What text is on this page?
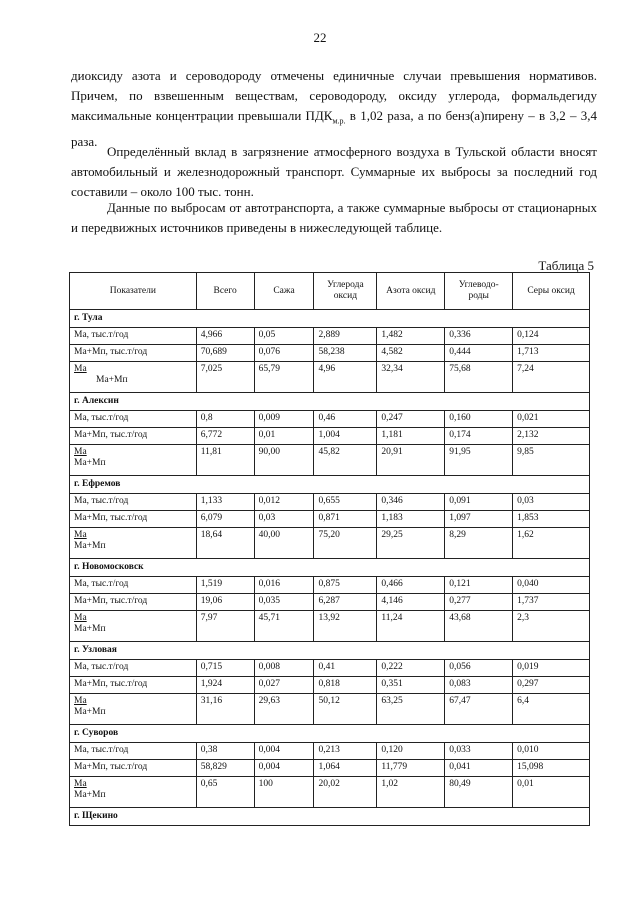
22
диоксиду азота и сероводороду отмечены единичные случаи превышения нормативов. Причем, по взвешенным веществам, сероводороду, оксиду углерода, формальдегиду максимальные концентрации превышали $ПДК_{м.р.}$ в 1,02 раза, а по бенз(а)пирену – в 3,2 – 3,4 раза.
Определённый вклад в загрязнение атмосферного воздуха в Тульской области вносят автомобильный и железнодорожный транспорт. Суммарные их выбросы за последний год составили – около 100 тыс. тонн.
Данные по выбросам от автотранспорта, а также суммарные выбросы от стационарных и передвижных источников приведены в нижеследующей таблице.
Таблица 5
Показатели	Всего	Сажа	Углерода оксид	Азота оксид	Углеводо-роды	Серы оксид
г. Тула						
Ма, тыс.т/год	4,966	0,05	2,889	1,482	0,336	0,124
Ма+Мп, тыс.т/год	70,689	0,076	58,238	4,582	0,444	1,713

Ма
Ма+Мп	7,025	65,79	4,96	32,34	75,68	7,24
г. Алексин						
Ма, тыс.т/год	0,8	0,009	0,46	0,247	0,160	0,021
Ма+Мп, тыс.т/год	6,772	0,01	1,004	1,181	0,174	2,132

Ма
Ма+Мп	11,81	90,00	45,82	20,91	91,95	9,85
г. Ефремов						
Ма, тыс.т/год	1,133	0,012	0,655	0,346	0,091	0,03
Ма+Мп, тыс.т/год	6,079	0,03	0,871	1,183	1,097	1,853

Ма
Ма+Мп	18,64	40,00	75,20	29,25	8,29	1,62
г. Новомосковск						
Ма, тыс.т/год	1,519	0,016	0,875	0,466	0,121	0,040
Ма+Мп, тыс.т/год	19,06	0,035	6,287	4,146	0,277	1,737

Ма
Ма+Мп	7,97	45,71	13,92	11,24	43,68	2,3
г. Узловая						
Ма, тыс.т/год	0,715	0,008	0,41	0,222	0,056	0,019
Ма+Мп, тыс.т/год	1,924	0,027	0,818	0,351	0,083	0,297

Ма
Ма+Мп	31,16	29,63	50,12	63,25	67,47	6,4
г. Суворов						
Ма, тыс.т/год	0,38	0,004	0,213	0,120	0,033	0,010
Ма+Мп, тыс.т/год	58,829	0,004	1,064	11,779	0,041	15,098

Ма
Ма+Мп	0,65	100	20,02	1,02	80,49	0,01
г. Щекино						
